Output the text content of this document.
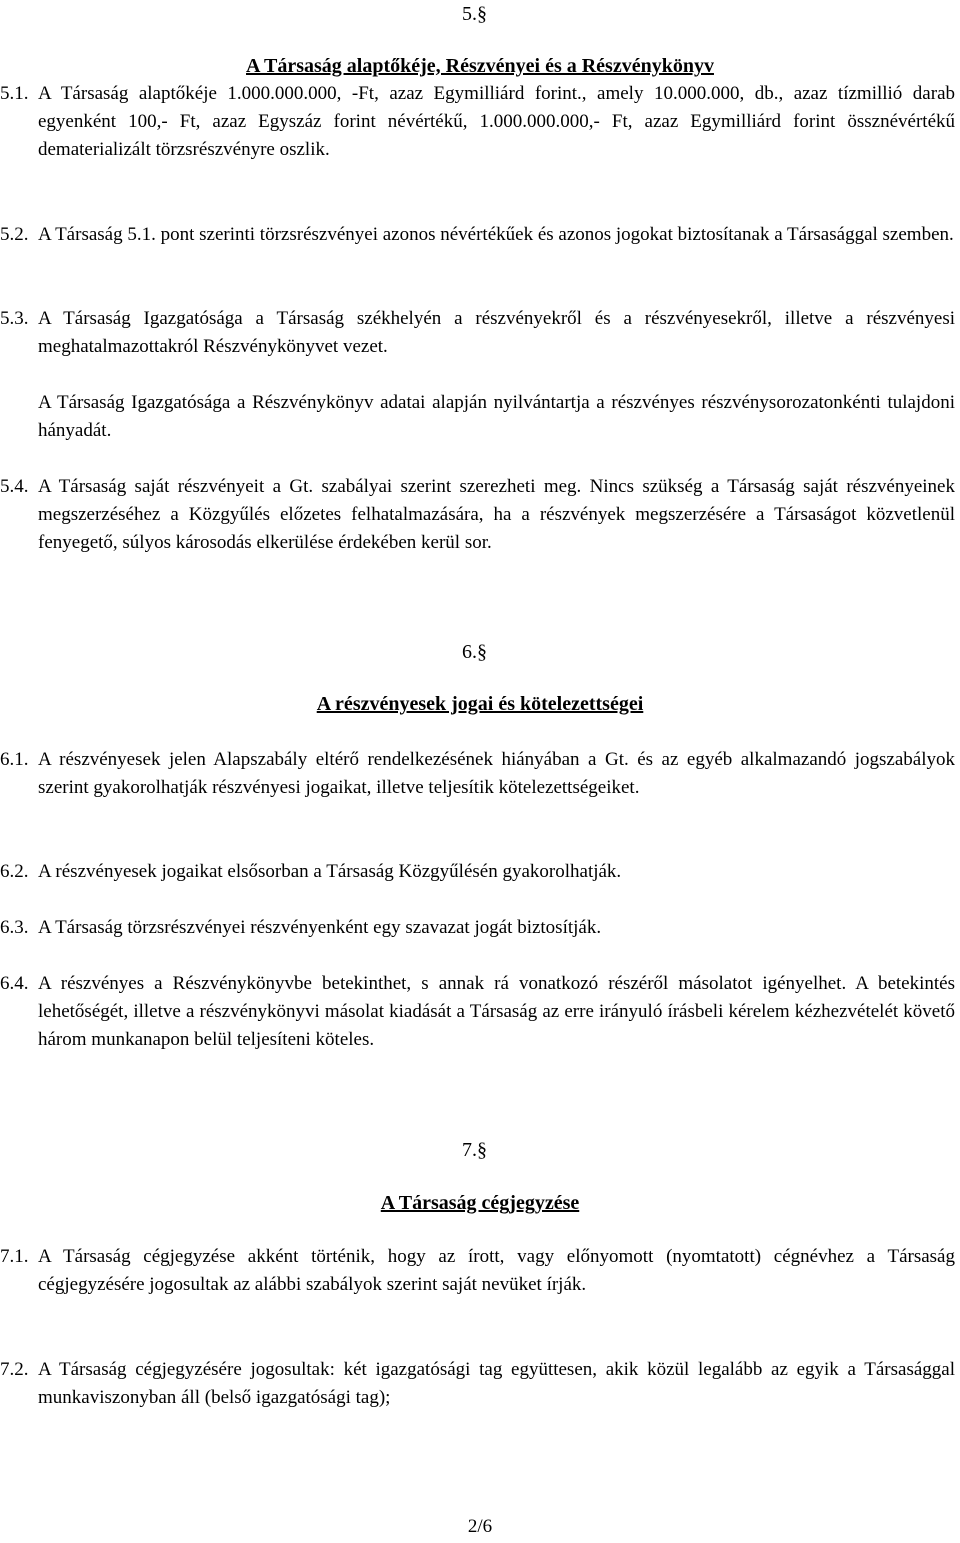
5.§
A Társaság alaptőkéje, Részvényei és a Részvénykönyv
5.1. A Társaság alaptőkéje 1.000.000.000, -Ft, azaz Egymilliárd forint., amely 10.000.000, db., azaz tízmillió darab egyenként 100,- Ft, azaz Egyszáz forint névértékű, 1.000.000.000,- Ft, azaz Egymilliárd forint össznévértékű dematerializált törzsrészvényre oszlik.
5.2. A Társaság 5.1. pont szerinti törzsrészvényei azonos névértékűek és azonos jogokat biztosítanak a Társasággal szemben.
5.3. A Társaság Igazgatósága a Társaság székhelyén a részvényekről és a részvényesekről, illetve a részvényesi meghatalmazottakról Részvénykönyvet vezet.
A Társaság Igazgatósága a Részvénykönyv adatai alapján nyilvántartja a részvényes részvénysorozatonkénti tulajdoni hányadát.
5.4. A Társaság saját részvényeit a Gt. szabályai szerint szerezheti meg. Nincs szükség a Társaság saját részvényeinek megszerzéséhez a Közgyűlés előzetes felhatalmazására, ha a részvények megszerzésére a Társaságot közvetlenül fenyegető, súlyos károsodás elkerülése érdekében kerül sor.
6.§
A részvényesek jogai és kötelezettségei
6.1. A részvényesek jelen Alapszabály eltérő rendelkezésének hiányában a Gt. és az egyéb alkalmazandó jogszabályok szerint gyakorolhatják részvényesi jogaikat, illetve teljesítik kötelezettségeiket.
6.2. A részvényesek jogaikat elsősorban a Társaság Közgyűlésén gyakorolhatják.
6.3. A Társaság törzsrészvényei részvényenként egy szavazat jogát biztosítják.
6.4. A részvényes a Részvénykönyvbe betekinthet, s annak rá vonatkozó részéről másolatot igényelhet. A betekintés lehetőségét, illetve a részvénykönyvi másolat kiadását a Társaság az erre irányuló írásbeli kérelem kézhezvételét követő három munkanapon belül teljesíteni köteles.
7.§
A Társaság cégjegyzése
7.1. A Társaság cégjegyzése akként történik, hogy az írott, vagy előnyomott (nyomtatott) cégnévhez a Társaság cégjegyzésére jogosultak az alábbi szabályok szerint saját nevüket írják.
7.2. A Társaság cégjegyzésére jogosultak: két igazgatósági tag együttesen, akik közül legalább az egyik a Társasággal munkaviszonyban áll (belső igazgatósági tag);
2/6
